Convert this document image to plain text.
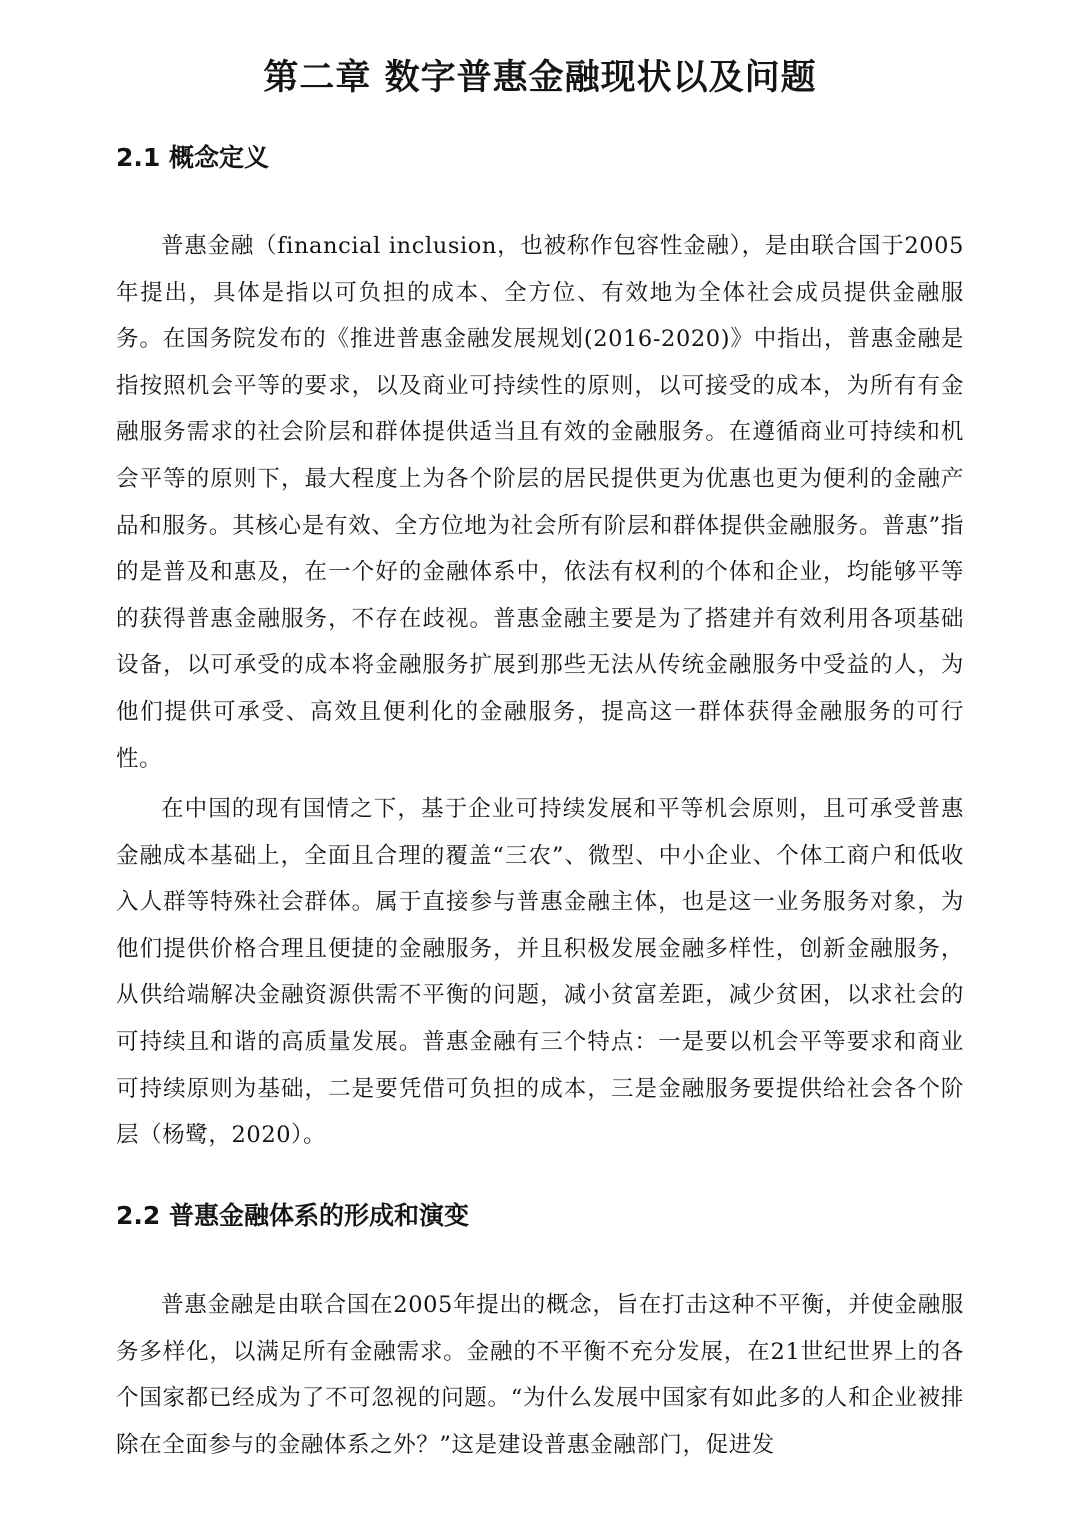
第二章 数字普惠金融现状以及问题
2.1 概念定义

普惠金融（financial inclusion，也被称作包容性金融），是由联合国于2005年提出，具体是指以可负担的成本、全方位、有效地为全体社会成员提供金融服务。在国务院发布的《推进普惠金融发展规划(2016-2020)》中指出，普惠金融是指按照机会平等的要求，以及商业可持续性的原则，以可接受的成本，为所有有金融服务需求的社会阶层和群体提供适当且有效的金融服务。在遵循商业可持续和机会平等的原则下，最大程度上为各个阶层的居民提供更为优惠也更为便利的金融产品和服务。其核心是有效、全方位地为社会所有阶层和群体提供金融服务。普惠”指的是普及和惠及，在一个好的金融体系中，依法有权利的个体和企业，均能够平等的获得普惠金融服务，不存在歧视。普惠金融主要是为了搭建并有效利用各项基础设备，以可承受的成本将金融服务扩展到那些无法从传统金融服务中受益的人，为他们提供可承受、高效且便利化的金融服务，提高这一群体获得金融服务的可行性。

在中国的现有国情之下，基于企业可持续发展和平等机会原则，且可承受普惠金融成本基础上，全面且合理的覆盖“三农”、微型、中小企业、个体工商户和低收入人群等特殊社会群体。属于直接参与普惠金融主体，也是这一业务服务对象，为他们提供价格合理且便捷的金融服务，并且积极发展金融多样性，创新金融服务，从供给端解决金融资源供需不平衡的问题，减小贫富差距，减少贫困，以求社会的可持续且和谐的高质量发展。普惠金融有三个特点：一是要以机会平等要求和商业可持续原则为基础，二是要凭借可负担的成本，三是金融服务要提供给社会各个阶层（杨鹭，2020）。

2.2 普惠金融体系的形成和演变

普惠金融是由联合国在2005年提出的概念，旨在打击这种不平衡，并使金融服务多样化，以满足所有金融需求。金融的不平衡不充分发展，在21世纪世界上的各个国家都已经成为了不可忽视的问题。“为什么发展中国家有如此多的人和企业被排除在全面参与的金融体系之外？”这是建设普惠金融部门，促进发
